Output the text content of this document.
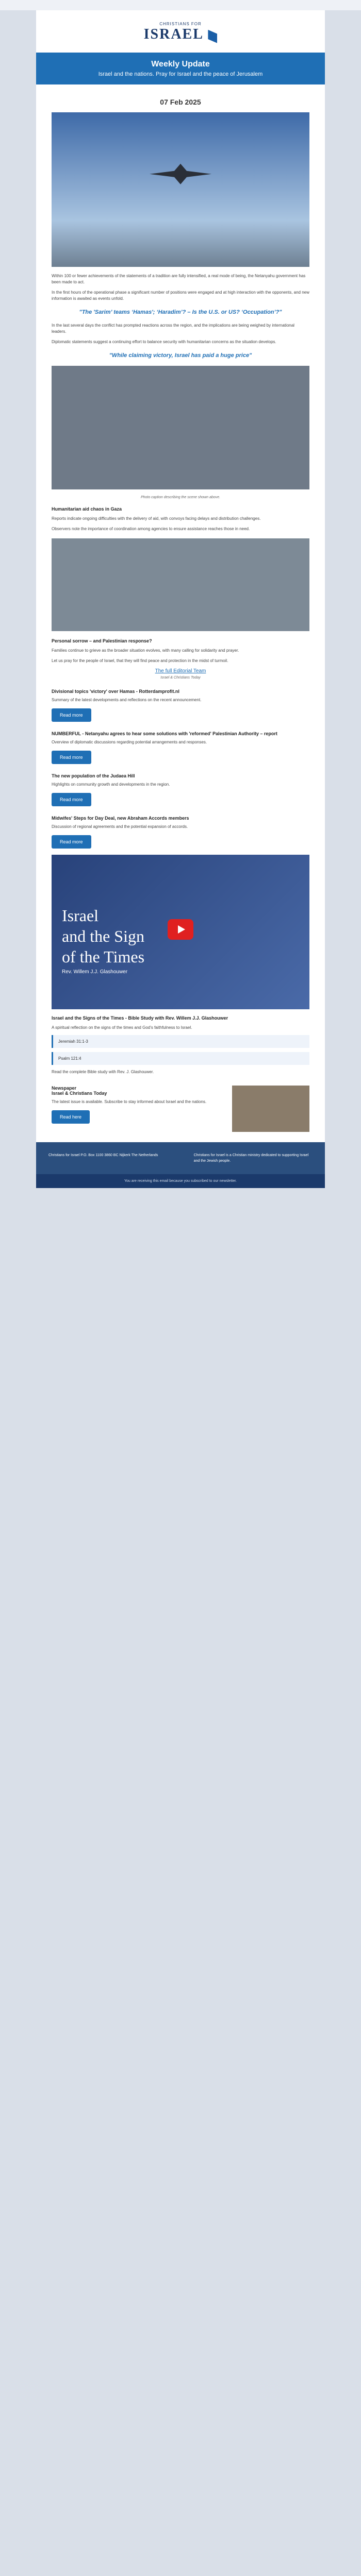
CHRISTIANS FOR
ISRAEL
Weekly Update
Israel and the nations. Pray for Israel and the peace of Jerusalem
07 Feb 2025

Within 100 or fewer achievements of the statements of a tradition are fully intensified, a real mode of being, the Netanyahu government has been made to act.

In the first hours of the operational phase a significant number of positions were engaged and at high interaction with the opponents, and new information is awaited as events unfold.

"The 'Sarim’ teams ‘Hamas'; ‘Haradim’? – Is the U.S. or US? ‘Occupation’?"

In the last several days the conflict has prompted reactions across the region, and the implications are being weighed by international leaders.

Diplomatic statements suggest a continuing effort to balance security with humanitarian concerns as the situation develops.

"While claiming victory, Israel has paid a huge price"
Photo caption describing the scene shown above.
Humanitarian aid chaos in Gaza

Reports indicate ongoing difficulties with the delivery of aid, with convoys facing delays and distribution challenges.

Observers note the importance of coordination among agencies to ensure assistance reaches those in need.

Personal sorrow – and Palestinian response?

Families continue to grieve as the broader situation evolves, with many calling for solidarity and prayer.

Let us pray for the people of Israel, that they will find peace and protection in the midst of turmoil.

The full Editorial Team
Israel & Christians Today
Divisional topics 'victory' over Hamas - Rotterdamprofit.nl
Summary of the latest developments and reflections on the recent announcement.
Read more
NUMBERFUL - Netanyahu agrees to hear some solutions with 'reformed' Palestinian Authority – report
Overview of diplomatic discussions regarding potential arrangements and responses.
Read more
The new population of the Judaea Hill
Highlights on community growth and developments in the region.
Read more
Midwifes' Steps for Day Deal, new Abraham Accords members
Discussion of regional agreements and the potential expansion of accords.
Read more
Israel
and the Sign
of the Times
Rev. Willem J.J. Glashouwer
Israel and the Signs of the Times - Bible Study with Rev. Willem J.J. Glashouwer

A spiritual reflection on the signs of the times and God’s faithfulness to Israel.

Jeremiah 31:1-3
Psalm 121:4

Read the complete Bible study with Rev. J. Glashouwer.

Newspaper
Israel & Christians Today
The latest issue is available. Subscribe to stay informed about Israel and the nations.
Read here
Christians for Israel P.O. Box 1100 3860 BC Nijkerk The Netherlands	Christians for Israel is a Christian ministry dedicated to supporting Israel and the Jewish people.
You are receiving this email because you subscribed to our newsletter.
